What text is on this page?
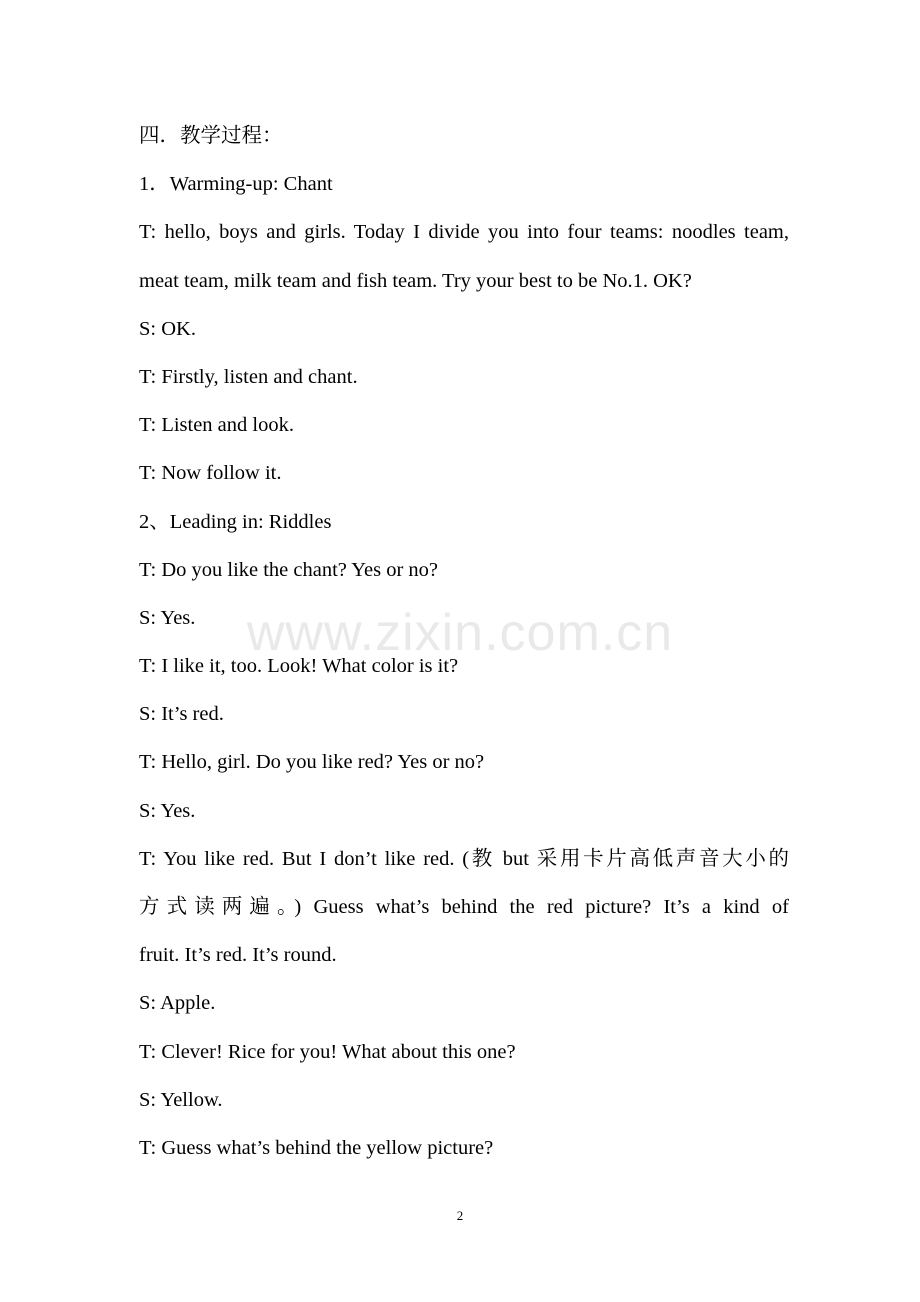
四．教学过程：
1．Warming-up: Chant
T: hello, boys and girls. Today I divide you into four teams: noodles team,
meat team, milk team and fish team. Try your best to be No.1. OK?
S: OK.
T: Firstly, listen and chant.
T: Listen and look.
T: Now follow it.
2、Leading in: Riddles
T: Do you like the chant? Yes or no?
S: Yes.
T: I like it, too. Look! What color is it?
S: It’s red.
T: Hello, girl. Do you like red? Yes or no?
S: Yes.
T: You like red. But I don’t like red. (教 but 采用卡片高低声音大小的
方式读两遍。) Guess what’s behind the red picture? It’s a kind of
fruit. It’s red. It’s round.
S: Apple.
T: Clever! Rice for you! What about this one?
S: Yellow.
T: Guess what’s behind the yellow picture?
www.zixin.com.cn
2
